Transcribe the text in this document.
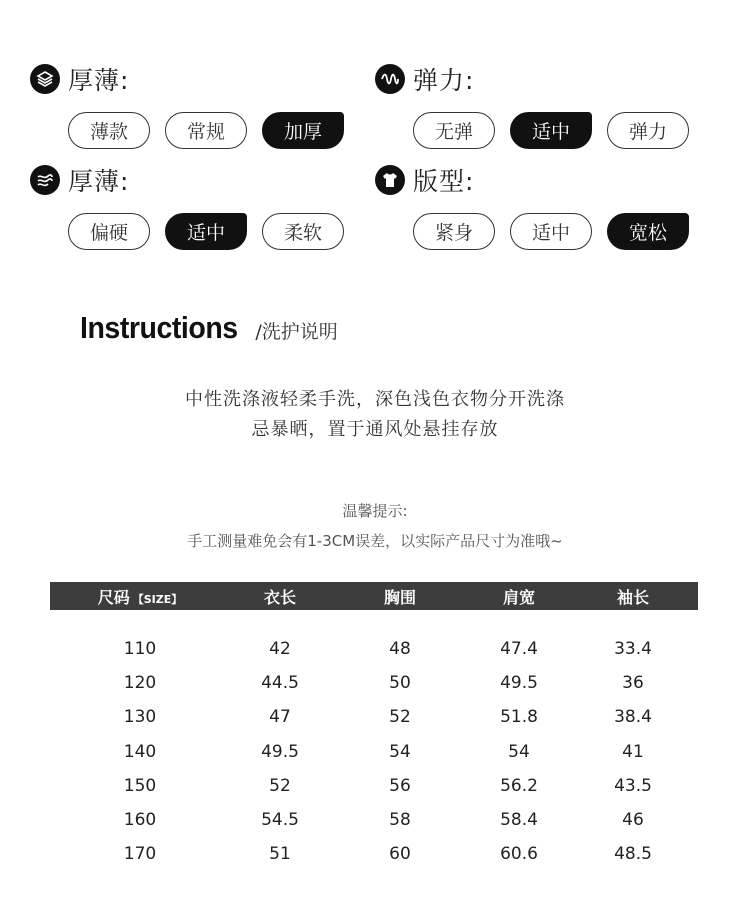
厚薄:
薄款	常规	加厚
弹力:
无弹	适中	弹力
厚薄:
偏硬	适中	柔软
版型:
紧身	适中	宽松
Instructions /洗护说明
中性洗涤液轻柔手洗，深色浅色衣物分开洗涤
忌暴晒，置于通风处悬挂存放
温馨提示:
手工测量难免会有1-3CM误差，以实际产品尺寸为准哦~
尺码 【SIZE】	衣长	胸围	肩宽	袖长
110	42	48	47.4	33.4
120	44.5	50	49.5	36
130	47	52	51.8	38.4
140	49.5	54	54	41
150	52	56	56.2	43.5
160	54.5	58	58.4	46
170	51	60	60.6	48.5
